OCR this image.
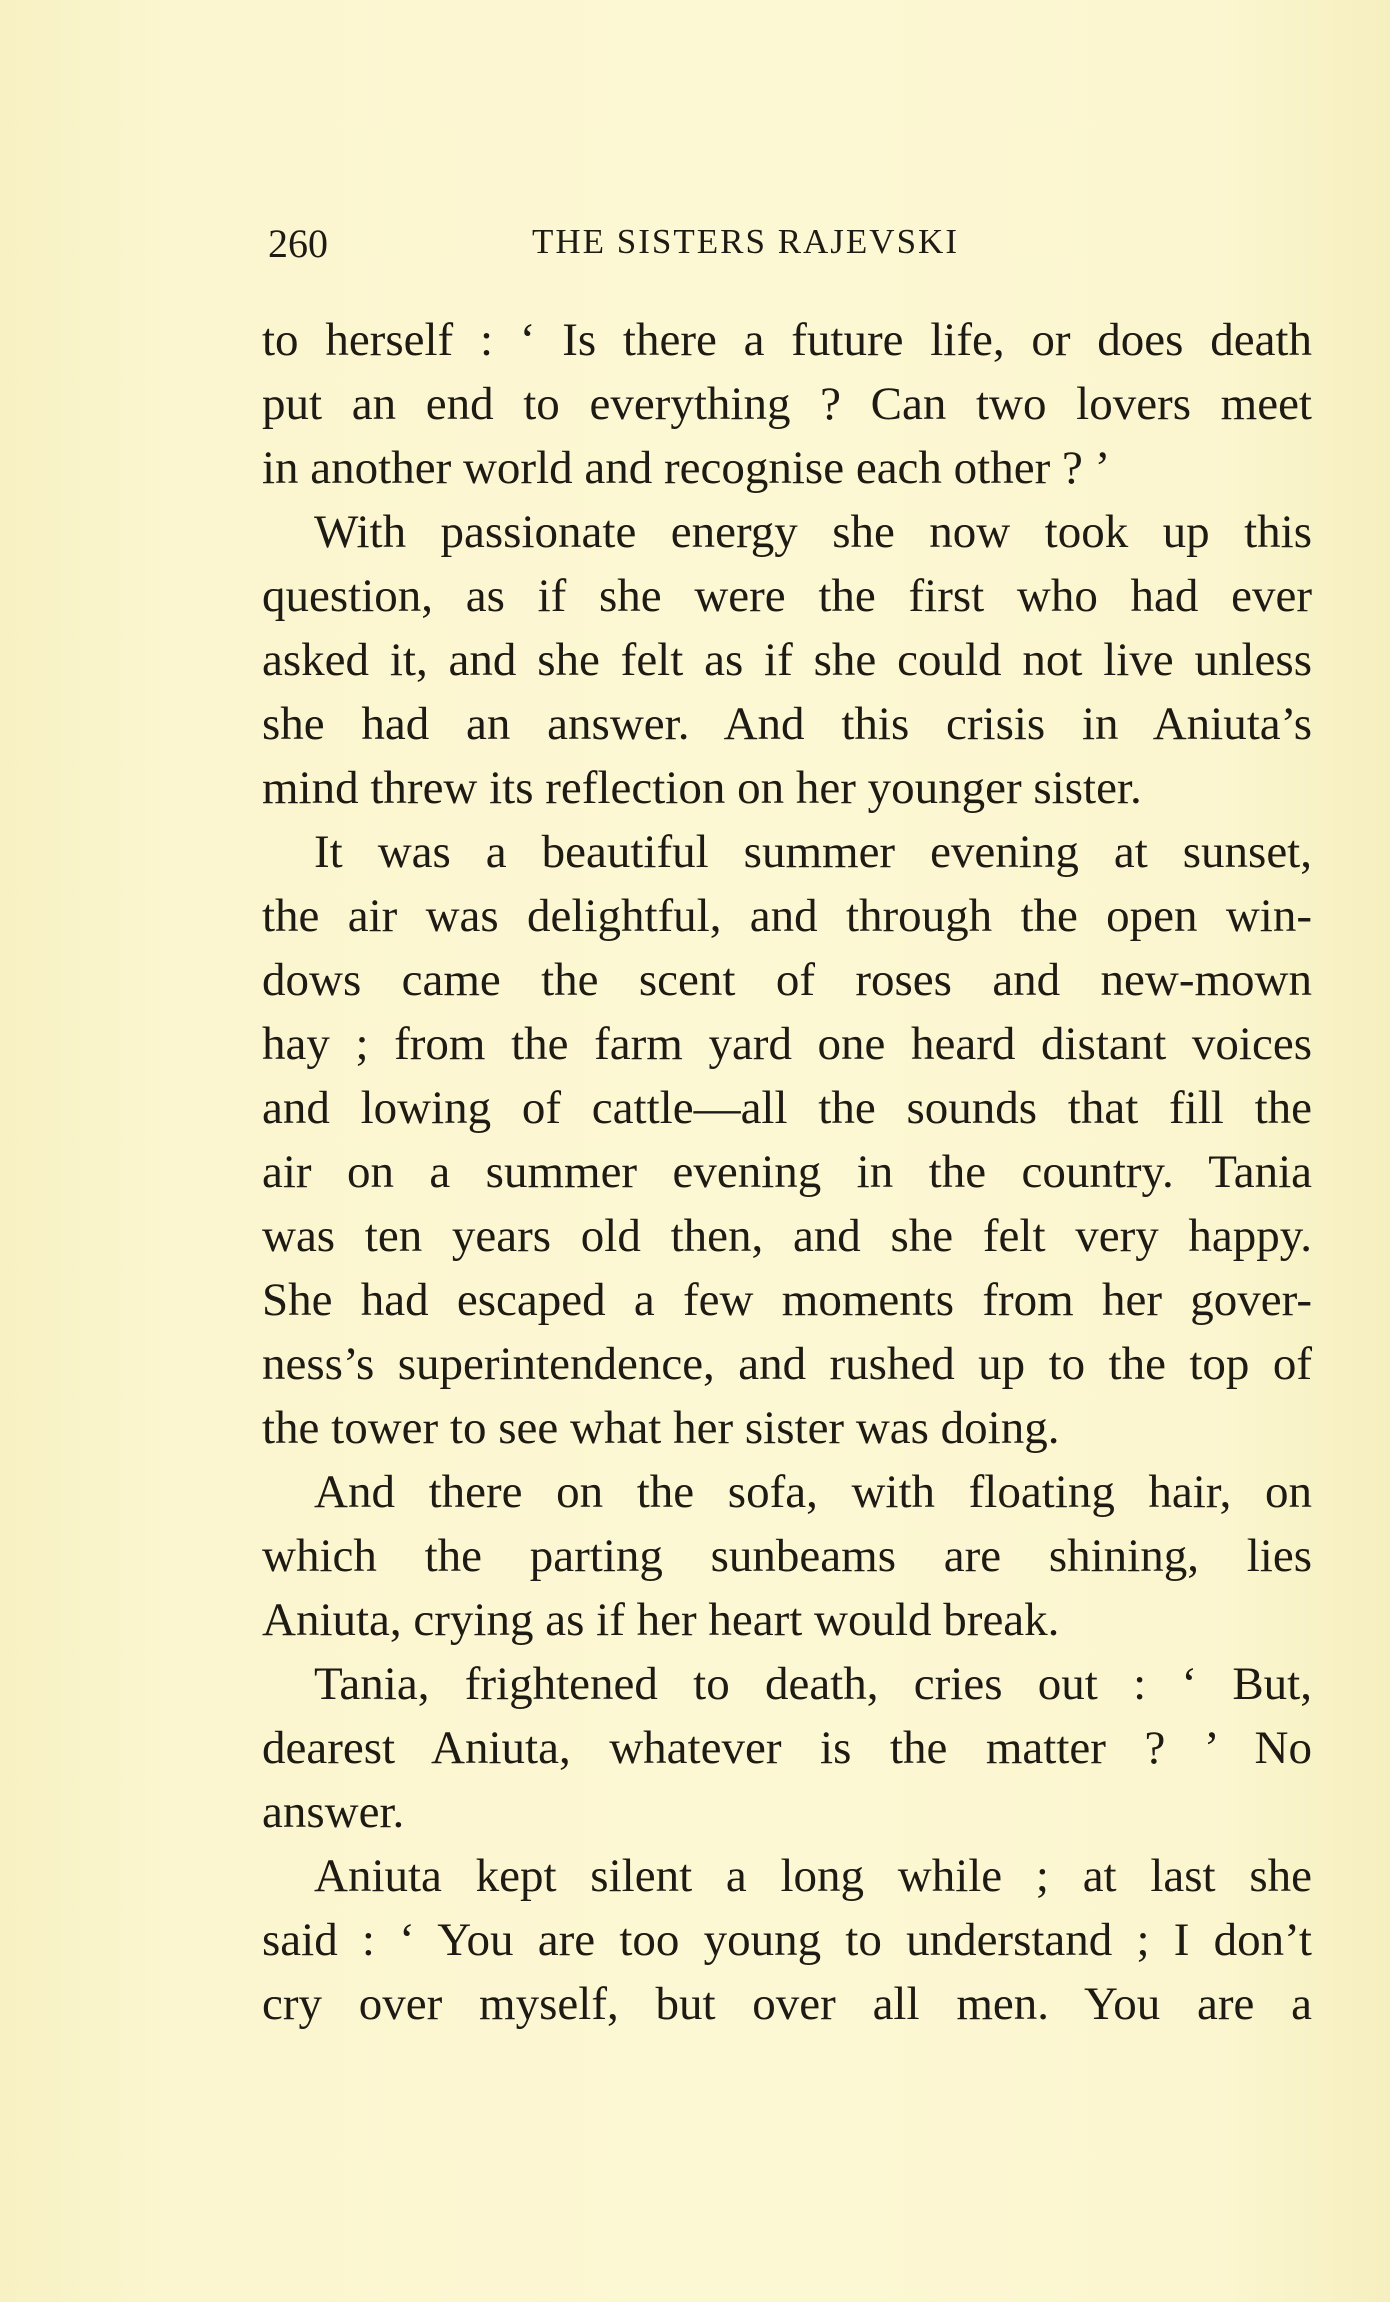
260	THE SISTERS RAJEVSKI
to herself : ‘ Is there a future life, or does death
put an end to everything ? Can two lovers meet
in another world and recognise each other ? ’
With passionate energy she now took up this
question, as if she were the first who had ever
asked it, and she felt as if she could not live unless
she had an answer. And this crisis in Aniuta’s
mind threw its reflection on her younger sister.
It was a beautiful summer evening at sunset,
the air was delightful, and through the open win-
dows came the scent of roses and new-mown
hay ; from the farm yard one heard distant voices
and lowing of cattle—all the sounds that fill the
air on a summer evening in the country. Tania
was ten years old then, and she felt very happy.
She had escaped a few moments from her gover-
ness’s superintendence, and rushed up to the top of
the tower to see what her sister was doing.
And there on the sofa, with floating hair, on
which the parting sunbeams are shining, lies
Aniuta, crying as if her heart would break.
Tania, frightened to death, cries out : ‘ But,
dearest Aniuta, whatever is the matter ? ’ No
answer.
Aniuta kept silent a long while ; at last she
said : ‘ You are too young to understand ; I don’t
cry over myself, but over all men. You are a
